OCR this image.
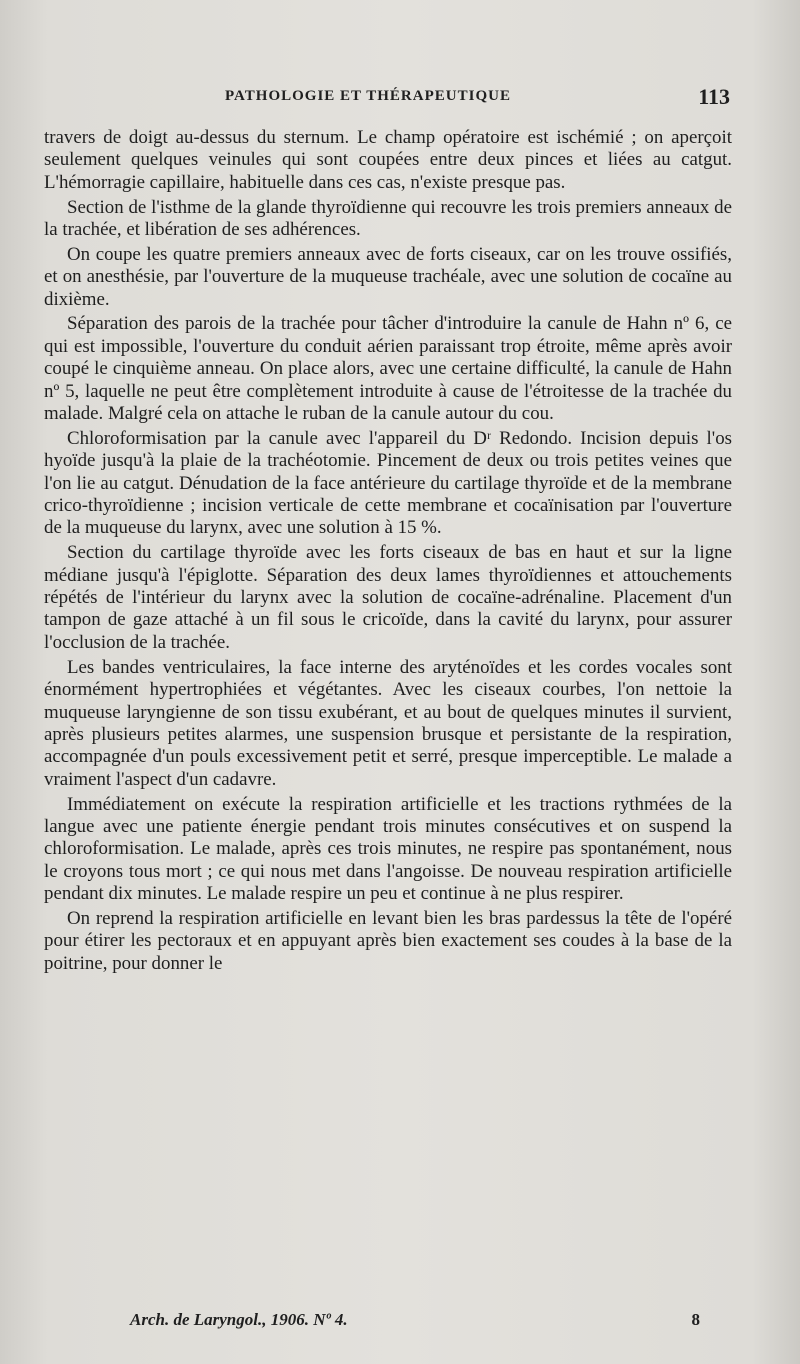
PATHOLOGIE ET THÉRAPEUTIQUE	113

travers de doigt au-dessus du sternum. Le champ opératoire est ischémié ; on aperçoit seulement quelques veinules qui sont coupées entre deux pinces et liées au catgut. L'hémorragie capillaire, habituelle dans ces cas, n'existe presque pas.

Section de l'isthme de la glande thyroïdienne qui recouvre les trois premiers anneaux de la trachée, et libération de ses adhérences.

On coupe les quatre premiers anneaux avec de forts ciseaux, car on les trouve ossifiés, et on anesthésie, par l'ouverture de la muqueuse trachéale, avec une solution de cocaïne au dixième.

Séparation des parois de la trachée pour tâcher d'introduire la canule de Hahn nº 6, ce qui est impossible, l'ouverture du conduit aérien paraissant trop étroite, même après avoir coupé le cinquième anneau. On place alors, avec une certaine difficulté, la canule de Hahn nº 5, laquelle ne peut être complètement introduite à cause de l'étroitesse de la trachée du malade. Malgré cela on attache le ruban de la canule autour du cou.

Chloroformisation par la canule avec l'appareil du Dʳ Redondo. Incision depuis l'os hyoïde jusqu'à la plaie de la trachéotomie. Pincement de deux ou trois petites veines que l'on lie au catgut. Dénudation de la face antérieure du cartilage thyroïde et de la membrane crico-thyroïdienne ; incision verticale de cette membrane et cocaïnisation par l'ouverture de la muqueuse du larynx, avec une solution à 15 %.

Section du cartilage thyroïde avec les forts ciseaux de bas en haut et sur la ligne médiane jusqu'à l'épiglotte. Séparation des deux lames thyroïdiennes et attouchements répétés de l'intérieur du larynx avec la solution de cocaïne-adrénaline. Placement d'un tampon de gaze attaché à un fil sous le cricoïde, dans la cavité du larynx, pour assurer l'occlusion de la trachée.

Les bandes ventriculaires, la face interne des aryténoïdes et les cordes vocales sont énormément hypertrophiées et végétantes. Avec les ciseaux courbes, l'on nettoie la muqueuse laryngienne de son tissu exubérant, et au bout de quelques minutes il survient, après plusieurs petites alarmes, une suspension brusque et persistante de la respiration, accompagnée d'un pouls excessivement petit et serré, presque imperceptible. Le malade a vraiment l'aspect d'un cadavre.

Immédiatement on exécute la respiration artificielle et les tractions rythmées de la langue avec une patiente énergie pendant trois minutes consécutives et on suspend la chloroformisation. Le malade, après ces trois minutes, ne respire pas spontanément, nous le croyons tous mort ; ce qui nous met dans l'angoisse. De nouveau respiration artificielle pendant dix minutes. Le malade respire un peu et continue à ne plus respirer.

On reprend la respiration artificielle en levant bien les bras pardessus la tête de l'opéré pour étirer les pectoraux et en appuyant après bien exactement ses coudes à la base de la poitrine, pour donner le

Arch. de Laryngol., 1906. Nº 4.	8
